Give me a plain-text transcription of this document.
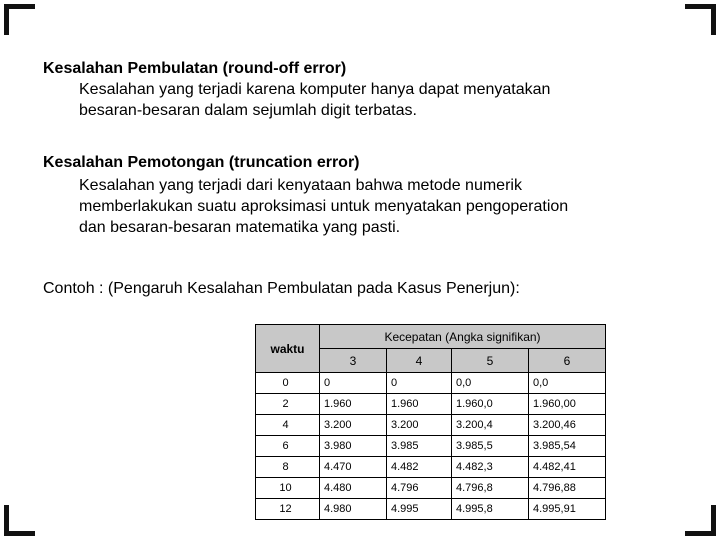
Kesalahan Pembulatan (round-off error)
Kesalahan yang terjadi karena komputer hanya dapat menyatakan
besaran-besaran dalam sejumlah digit terbatas.
Kesalahan Pemotongan (truncation error)
Kesalahan yang terjadi dari kenyataan bahwa metode numerik
memberlakukan suatu aproksimasi untuk menyatakan pengoperation
dan besaran-besaran matematika yang pasti.
Contoh : (Pengaruh Kesalahan Pembulatan pada Kasus Penerjun):
waktu	Kecepatan (Angka signifikan)			
	3	4	5	6
0	0	0	0,0	0,0
2	1.960	1.960	1.960,0	1.960,00
4	3.200	3.200	3.200,4	3.200,46
6	3.980	3.985	3.985,5	3.985,54
8	4.470	4.482	4.482,3	4.482,41
10	4.480	4.796	4.796,8	4.796,88
12	4.980	4.995	4.995,8	4.995,91
